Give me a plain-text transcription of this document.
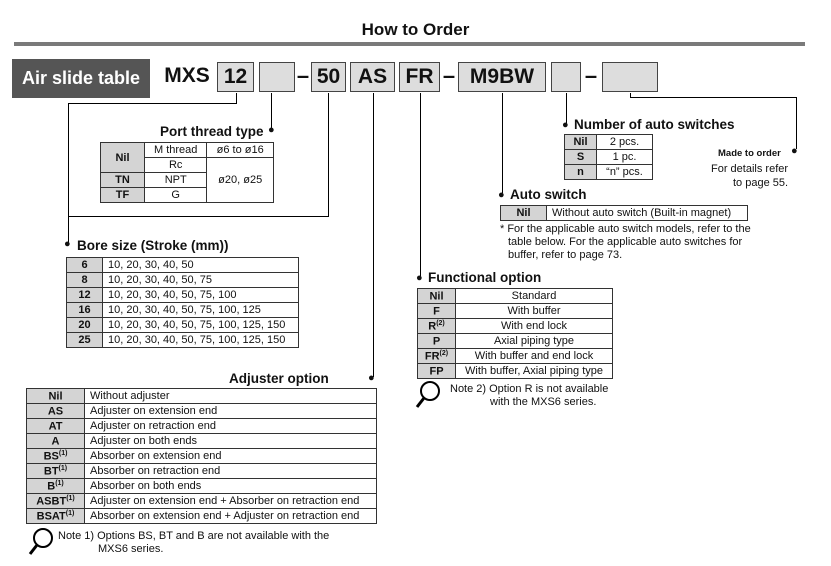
How to Order
Air slide table	MXS 12	– 50 AS FR – M9BW	–
Port thread type ●
Nil	M thread	ø6 to ø16
	Rc	ø20, ø25
TN	NPT	
TF	G	
● Bore size (Stroke (mm))
6	10, 20, 30, 40, 50
8	10, 20, 30, 40, 50, 75
12	10, 20, 30, 40, 50, 75, 100
16	10, 20, 30, 40, 50, 75, 100, 125
20	10, 20, 30, 40, 50, 75, 100, 125, 150
25	10, 20, 30, 40, 50, 75, 100, 125, 150
Adjuster option	●
Nil	Without adjuster
AS	Adjuster on extension end
AT	Adjuster on retraction end
A	Adjuster on both ends
BS$^{(1)}$	Absorber on extension end
BT$^{(1)}$	Absorber on retraction end
$B^{(1)}$	Absorber on both ends
ASBT$^{(1)}$	Adjuster on extension end + Absorber on retraction end
BSAT$^{(1)}$	Absorber on extension end + Adjuster on retraction end
Note 1) Options BS, BT and B are not available with the
MXS6 series.
● Functional option
Nil	Standard
F	With buffer
$R^{(2)}$	With end lock
P	Axial piping type
FR$^{(2)}$	With buffer and end lock
FP	With buffer, Axial piping type
Note 2) Option R is not available
with the MXS6 series.
● Auto switch
Nil	Without auto switch (Built-in magnet)
* For the applicable auto switch models, refer to the
table below. For the applicable auto switches for
buffer, refer to page 73.
● Number of auto switches
Nil	2 pcs.
S	1 pc.
n	“n” pcs.
Made to order ●
For details refer
to page 55.
